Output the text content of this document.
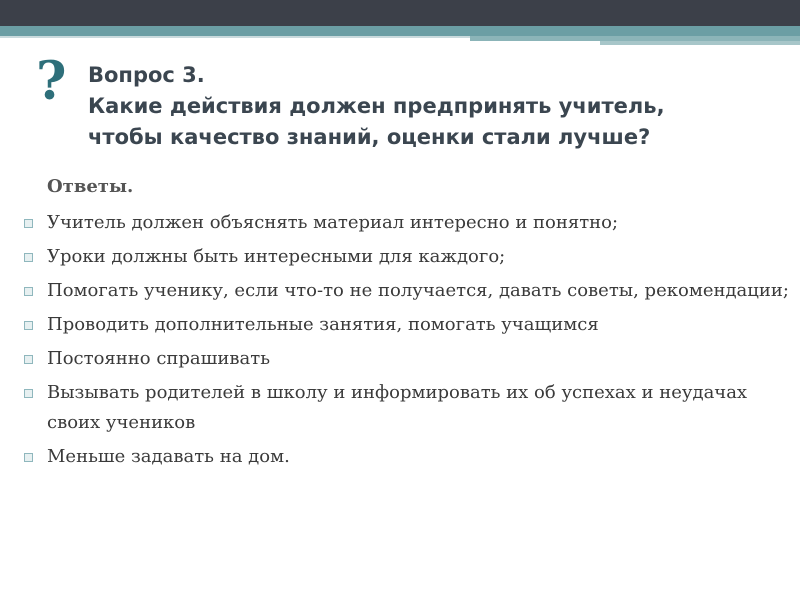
? Вопрос 3.
Какие действия должен предпринять учитель,
чтобы качество знаний, оценки стали лучше?
Ответы.
Учитель должен объяснять материал интересно и понятно;
Уроки должны быть интересными для каждого;
Помогать ученику, если что-то не получается, давать советы, рекомендации;
Проводить дополнительные занятия, помогать учащимся
Постоянно спрашивать
Вызывать родителей в школу и информировать их об успехах и неудачах своих учеников
Меньше задавать на дом.
